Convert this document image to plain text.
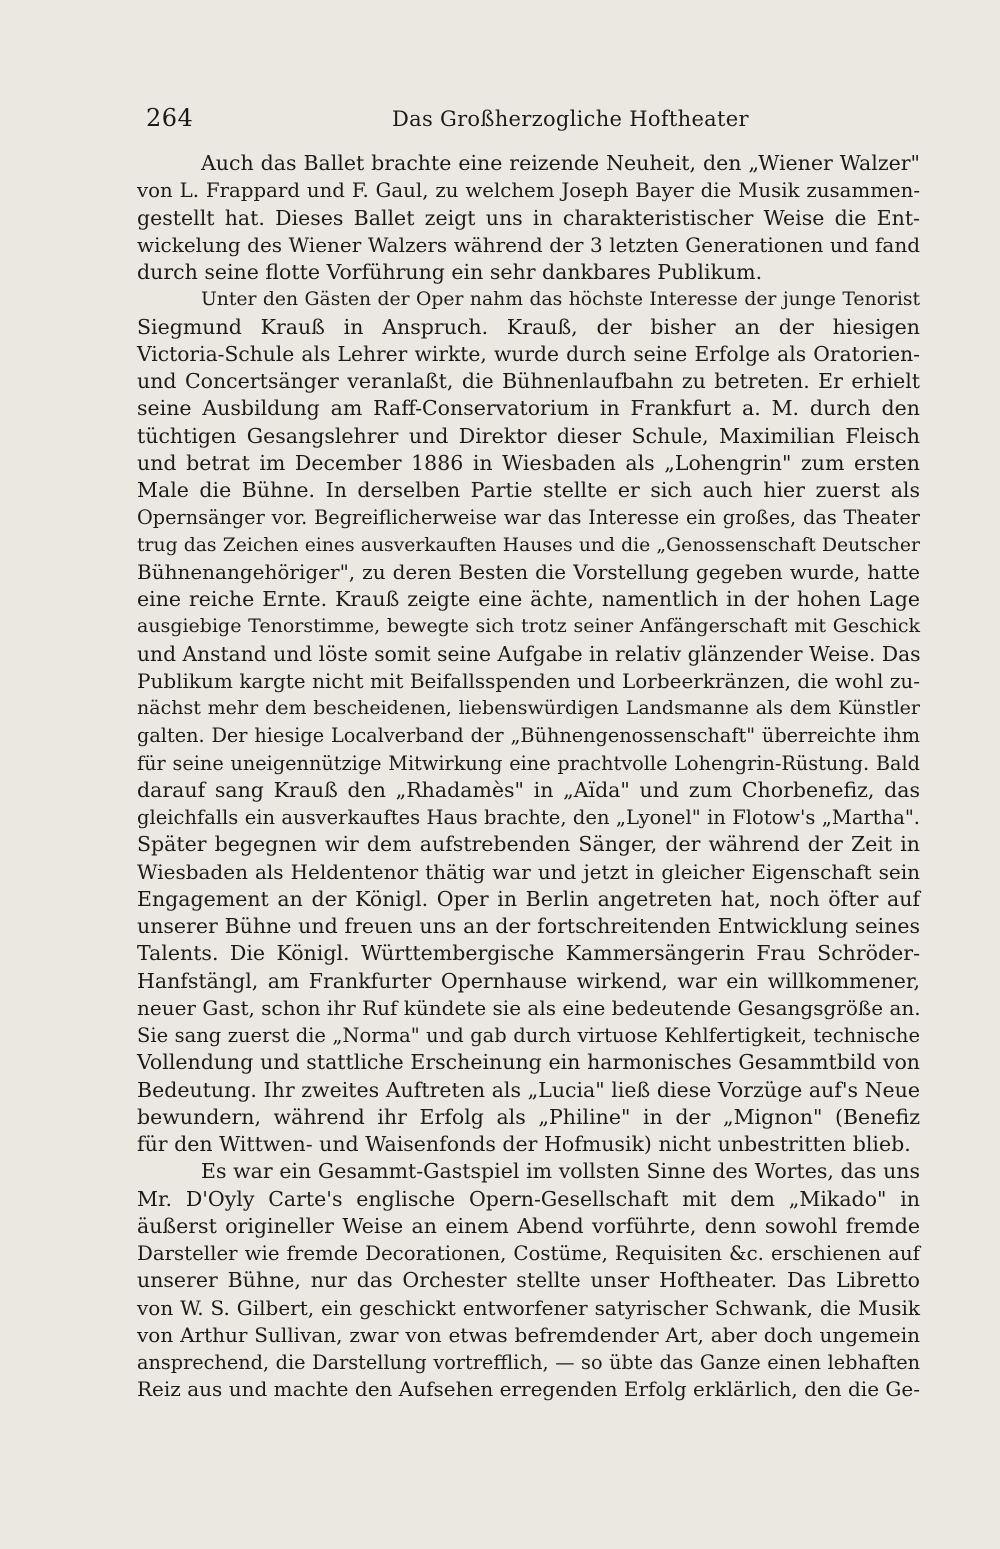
264	Das Großherzogliche Hoftheater
Auch das Ballet brachte eine reizende Neuheit, den „Wiener Walzer"
von L. Frappard und F. Gaul, zu welchem Joseph Bayer die Musik zusammen-
gestellt hat. Dieses Ballet zeigt uns in charakteristischer Weise die Ent-
wickelung des Wiener Walzers während der 3 letzten Generationen und fand
durch seine flotte Vorführung ein sehr dankbares Publikum.
Unter den Gästen der Oper nahm das höchste Interesse der junge Tenorist
Siegmund Krauß in Anspruch. Krauß, der bisher an der hiesigen
Victoria-Schule als Lehrer wirkte, wurde durch seine Erfolge als Oratorien-
und Concertsänger veranlaßt, die Bühnenlaufbahn zu betreten. Er erhielt
seine Ausbildung am Raff-Conservatorium in Frankfurt a. M. durch den
tüchtigen Gesangslehrer und Direktor dieser Schule, Maximilian Fleisch
und betrat im December 1886 in Wiesbaden als „Lohengrin" zum ersten
Male die Bühne. In derselben Partie stellte er sich auch hier zuerst als
Opernsänger vor. Begreiflicherweise war das Interesse ein großes, das Theater
trug das Zeichen eines ausverkauften Hauses und die „Genossenschaft Deutscher
Bühnenangehöriger", zu deren Besten die Vorstellung gegeben wurde, hatte
eine reiche Ernte. Krauß zeigte eine ächte, namentlich in der hohen Lage
ausgiebige Tenorstimme, bewegte sich trotz seiner Anfängerschaft mit Geschick
und Anstand und löste somit seine Aufgabe in relativ glänzender Weise. Das
Publikum kargte nicht mit Beifallsspenden und Lorbeerkränzen, die wohl zu-
nächst mehr dem bescheidenen, liebenswürdigen Landsmanne als dem Künstler
galten. Der hiesige Localverband der „Bühnengenossenschaft" überreichte ihm
für seine uneigennützige Mitwirkung eine prachtvolle Lohengrin-Rüstung. Bald
darauf sang Krauß den „Rhadamès" in „Aïda" und zum Chorbenefiz, das
gleichfalls ein ausverkauftes Haus brachte, den „Lyonel" in Flotow's „Martha".
Später begegnen wir dem aufstrebenden Sänger, der während der Zeit in
Wiesbaden als Heldentenor thätig war und jetzt in gleicher Eigenschaft sein
Engagement an der Königl. Oper in Berlin angetreten hat, noch öfter auf
unserer Bühne und freuen uns an der fortschreitenden Entwicklung seines
Talents. Die Königl. Württembergische Kammersängerin Frau Schröder-
Hanfstängl, am Frankfurter Opernhause wirkend, war ein willkommener,
neuer Gast, schon ihr Ruf kündete sie als eine bedeutende Gesangsgröße an.
Sie sang zuerst die „Norma" und gab durch virtuose Kehlfertigkeit, technische
Vollendung und stattliche Erscheinung ein harmonisches Gesammtbild von
Bedeutung. Ihr zweites Auftreten als „Lucia" ließ diese Vorzüge auf's Neue
bewundern, während ihr Erfolg als „Philine" in der „Mignon" (Benefiz
für den Wittwen- und Waisenfonds der Hofmusik) nicht unbestritten blieb.
Es war ein Gesammt-Gastspiel im vollsten Sinne des Wortes, das uns
Mr. D'Oyly Carte's englische Opern-Gesellschaft mit dem „Mikado" in
äußerst origineller Weise an einem Abend vorführte, denn sowohl fremde
Darsteller wie fremde Decorationen, Costüme, Requisiten &c. erschienen auf
unserer Bühne, nur das Orchester stellte unser Hoftheater. Das Libretto
von W. S. Gilbert, ein geschickt entworfener satyrischer Schwank, die Musik
von Arthur Sullivan, zwar von etwas befremdender Art, aber doch ungemein
ansprechend, die Darstellung vortrefflich, — so übte das Ganze einen lebhaften
Reiz aus und machte den Aufsehen erregenden Erfolg erklärlich, den die Ge-
